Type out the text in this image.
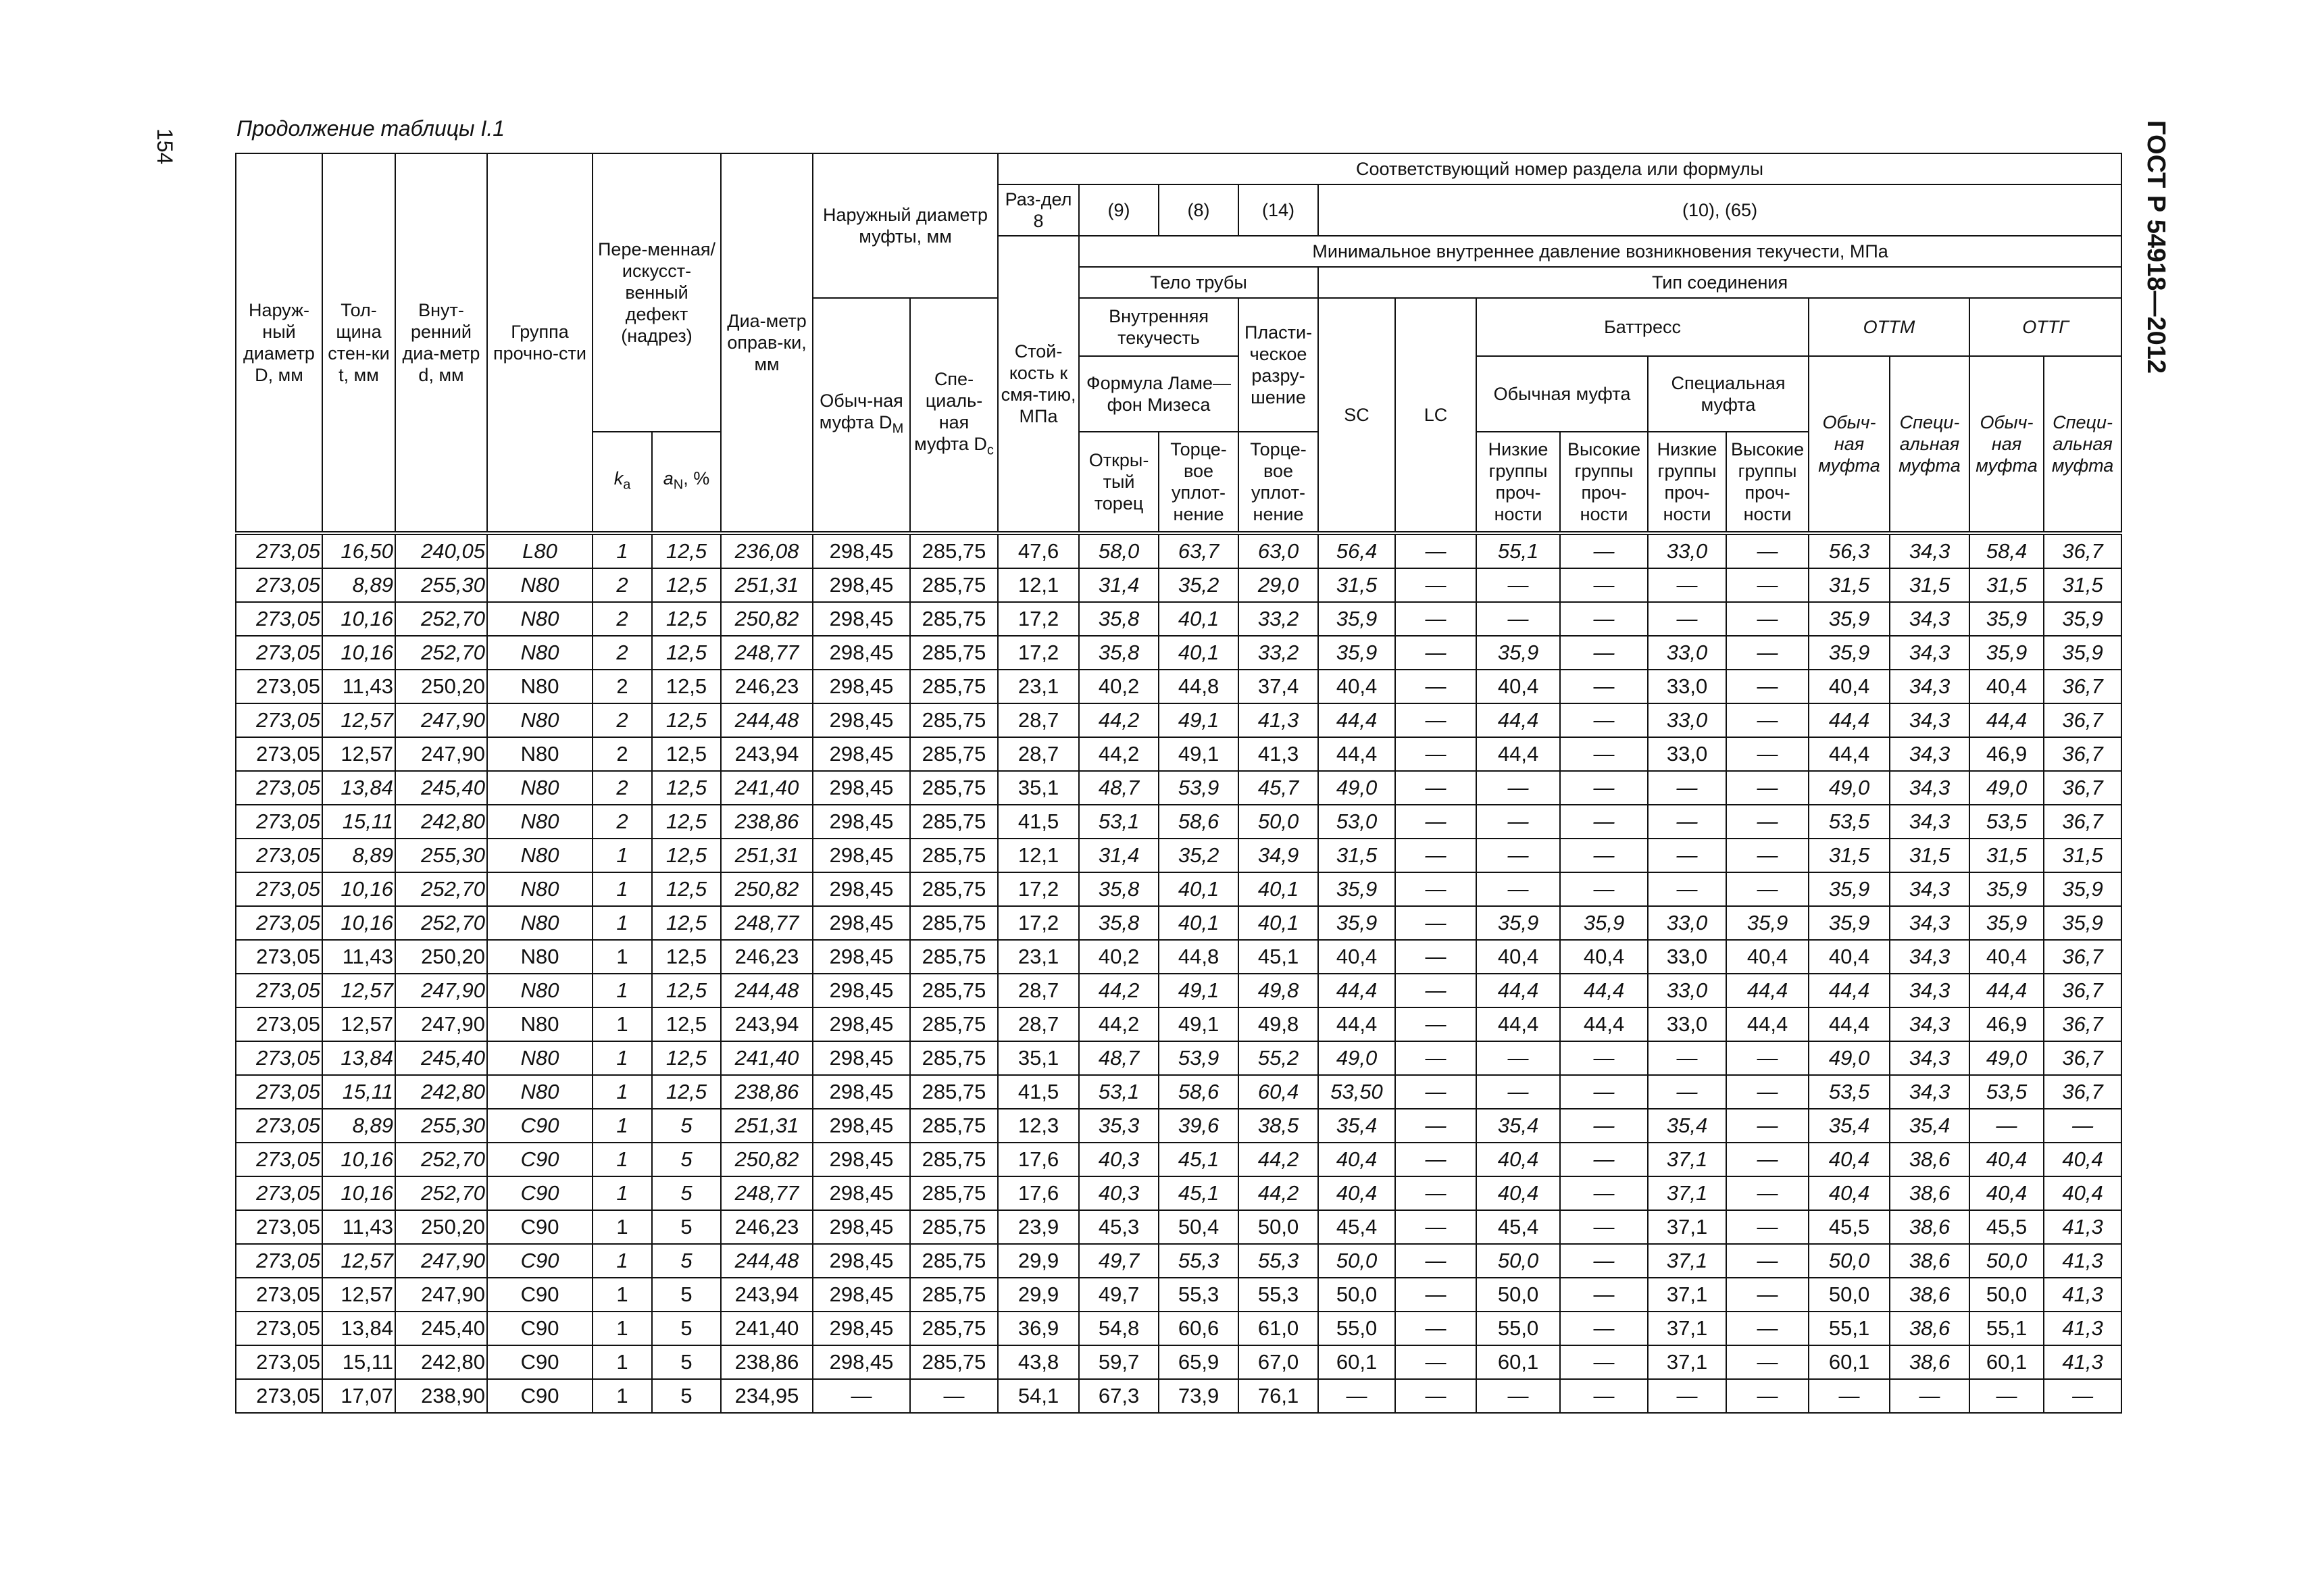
154	ГОСТ Р 54918—2012
Продолжение таблицы I.1
Наруж-ный диаметр D, мм	Тол-щина стен-ки t, мм	Внут-ренний диа-метр d, мм	Группа прочно-сти	Пере-менная/ искусст-венный дефект (надрез)		Диа-метр оправ-ки, мм	Наружный диаметр муфты, мм		Соответствующий номер раздела или формулы													
									Раз-дел 8	(9)	(8)	(14)	(10), (65)									
									Стой-кость к смя-тию, МПа	Минимальное внутреннее давление возникновения текучести, МПа												
										Тело трубы			Тип соединения									
							Обыч-ная муфта $D_M$	Спе-циаль-ная муфта $D_c$		Внутренняя текучесть		Пласти-ческое разру-шение	SC	LC	Баттресс				ОТТМ		ОТТГ	
										Формула Ламе—фон Мизеса					Обычная муфта		Специальная муфта		Обыч-ная муфта	Специ-альная муфта	Обыч-ная муфта	Специ-альная муфта
				$k_a$	$a_N$, %					Откры-тый торец	Торце-вое уплот-нение	Торце-вое уплот-нение			Низкие группы проч-ности	Высокие группы проч-ности	Низкие группы проч-ности	Высокие группы проч-ности				
273,05	16,50	240,05	L80	1	12,5	236,08	298,45	285,75	47,6	58,0	63,7	63,0	56,4	—	55,1	—	33,0	—	56,3	34,3	58,4	36,7
273,05	8,89	255,30	N80	2	12,5	251,31	298,45	285,75	12,1	31,4	35,2	29,0	31,5	—	—	—	—	—	31,5	31,5	31,5	31,5
273,05	10,16	252,70	N80	2	12,5	250,82	298,45	285,75	17,2	35,8	40,1	33,2	35,9	—	—	—	—	—	35,9	34,3	35,9	35,9
273,05	10,16	252,70	N80	2	12,5	248,77	298,45	285,75	17,2	35,8	40,1	33,2	35,9	—	35,9	—	33,0	—	35,9	34,3	35,9	35,9
273,05	11,43	250,20	N80	2	12,5	246,23	298,45	285,75	23,1	40,2	44,8	37,4	40,4	—	40,4	—	33,0	—	40,4	34,3	40,4	36,7
273,05	12,57	247,90	N80	2	12,5	244,48	298,45	285,75	28,7	44,2	49,1	41,3	44,4	—	44,4	—	33,0	—	44,4	34,3	44,4	36,7
273,05	12,57	247,90	N80	2	12,5	243,94	298,45	285,75	28,7	44,2	49,1	41,3	44,4	—	44,4	—	33,0	—	44,4	34,3	46,9	36,7
273,05	13,84	245,40	N80	2	12,5	241,40	298,45	285,75	35,1	48,7	53,9	45,7	49,0	—	—	—	—	—	49,0	34,3	49,0	36,7
273,05	15,11	242,80	N80	2	12,5	238,86	298,45	285,75	41,5	53,1	58,6	50,0	53,0	—	—	—	—	—	53,5	34,3	53,5	36,7
273,05	8,89	255,30	N80	1	12,5	251,31	298,45	285,75	12,1	31,4	35,2	34,9	31,5	—	—	—	—	—	31,5	31,5	31,5	31,5
273,05	10,16	252,70	N80	1	12,5	250,82	298,45	285,75	17,2	35,8	40,1	40,1	35,9	—	—	—	—	—	35,9	34,3	35,9	35,9
273,05	10,16	252,70	N80	1	12,5	248,77	298,45	285,75	17,2	35,8	40,1	40,1	35,9	—	35,9	35,9	33,0	35,9	35,9	34,3	35,9	35,9
273,05	11,43	250,20	N80	1	12,5	246,23	298,45	285,75	23,1	40,2	44,8	45,1	40,4	—	40,4	40,4	33,0	40,4	40,4	34,3	40,4	36,7
273,05	12,57	247,90	N80	1	12,5	244,48	298,45	285,75	28,7	44,2	49,1	49,8	44,4	—	44,4	44,4	33,0	44,4	44,4	34,3	44,4	36,7
273,05	12,57	247,90	N80	1	12,5	243,94	298,45	285,75	28,7	44,2	49,1	49,8	44,4	—	44,4	44,4	33,0	44,4	44,4	34,3	46,9	36,7
273,05	13,84	245,40	N80	1	12,5	241,40	298,45	285,75	35,1	48,7	53,9	55,2	49,0	—	—	—	—	—	49,0	34,3	49,0	36,7
273,05	15,11	242,80	N80	1	12,5	238,86	298,45	285,75	41,5	53,1	58,6	60,4	53,50	—	—	—	—	—	53,5	34,3	53,5	36,7
273,05	8,89	255,30	C90	1	5	251,31	298,45	285,75	12,3	35,3	39,6	38,5	35,4	—	35,4	—	35,4	—	35,4	35,4	—	—
273,05	10,16	252,70	C90	1	5	250,82	298,45	285,75	17,6	40,3	45,1	44,2	40,4	—	40,4	—	37,1	—	40,4	38,6	40,4	40,4
273,05	10,16	252,70	C90	1	5	248,77	298,45	285,75	17,6	40,3	45,1	44,2	40,4	—	40,4	—	37,1	—	40,4	38,6	40,4	40,4
273,05	11,43	250,20	C90	1	5	246,23	298,45	285,75	23,9	45,3	50,4	50,0	45,4	—	45,4	—	37,1	—	45,5	38,6	45,5	41,3
273,05	12,57	247,90	C90	1	5	244,48	298,45	285,75	29,9	49,7	55,3	55,3	50,0	—	50,0	—	37,1	—	50,0	38,6	50,0	41,3
273,05	12,57	247,90	C90	1	5	243,94	298,45	285,75	29,9	49,7	55,3	55,3	50,0	—	50,0	—	37,1	—	50,0	38,6	50,0	41,3
273,05	13,84	245,40	C90	1	5	241,40	298,45	285,75	36,9	54,8	60,6	61,0	55,0	—	55,0	—	37,1	—	55,1	38,6	55,1	41,3
273,05	15,11	242,80	C90	1	5	238,86	298,45	285,75	43,8	59,7	65,9	67,0	60,1	—	60,1	—	37,1	—	60,1	38,6	60,1	41,3
273,05	17,07	238,90	C90	1	5	234,95	—	—	54,1	67,3	73,9	76,1	—	—	—	—	—	—	—	—	—	—
